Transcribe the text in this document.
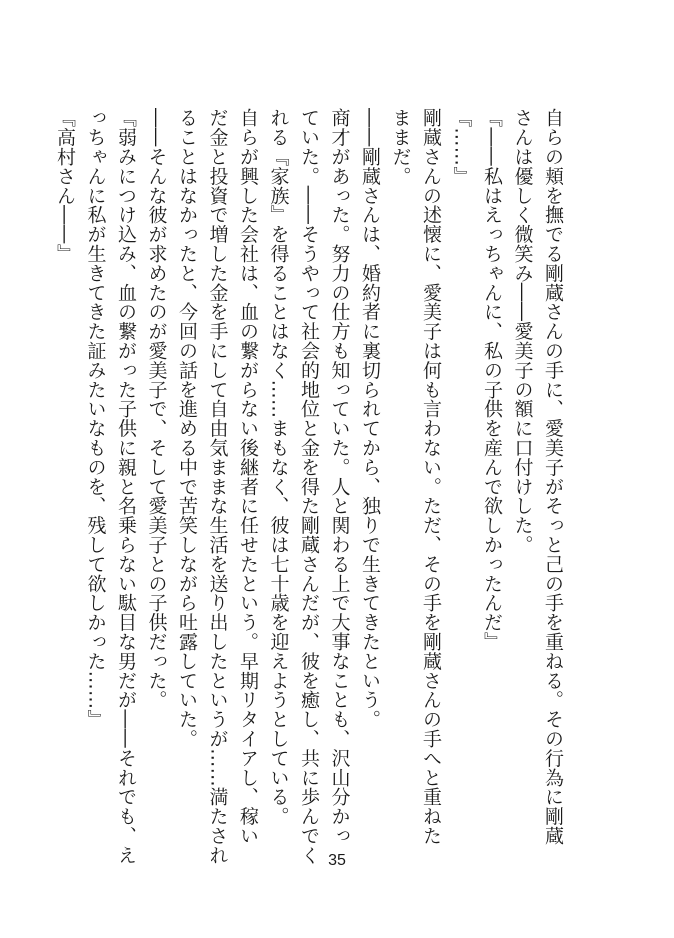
自らの頬を撫でる剛蔵さんの手に、愛美子がそっと己の手を重ねる。その行為に剛蔵

さんは優しく微笑み――愛美子の額に口付けした。

『――私はえっちゃんに、私の子供を産んで欲しかったんだ』

『……』

剛蔵さんの述懐に、愛美子は何も言わない。ただ、その手を剛蔵さんの手へと重ねた

ままだ。

――剛蔵さんは、婚約者に裏切られてから、独りで生きてきたという。

商才があった。努力の仕方も知っていた。人と関わる上で大事なことも、沢山分かっ

ていた。――そうやって社会的地位と金を得た剛蔵さんだが、彼を癒し、共に歩んでく

れる『家族』を得ることはなく……まもなく、彼は七十歳を迎えようとしている。

自らが興した会社は、血の繋がらない後継者に任せたという。早期リタイアし、稼い

だ金と投資で増した金を手にして自由気ままな生活を送り出したというが……満たされ

ることはなかったと、今回の話を進める中で苦笑しながら吐露していた。

――そんな彼が求めたのが愛美子で、そして愛美子との子供だった。

『弱みにつけ込み、血の繋がった子供に親と名乗らない駄目な男だが――それでも、え

っちゃんに私が生きてきた証みたいなものを、残して欲しかった……』

『高村さん――』

35
